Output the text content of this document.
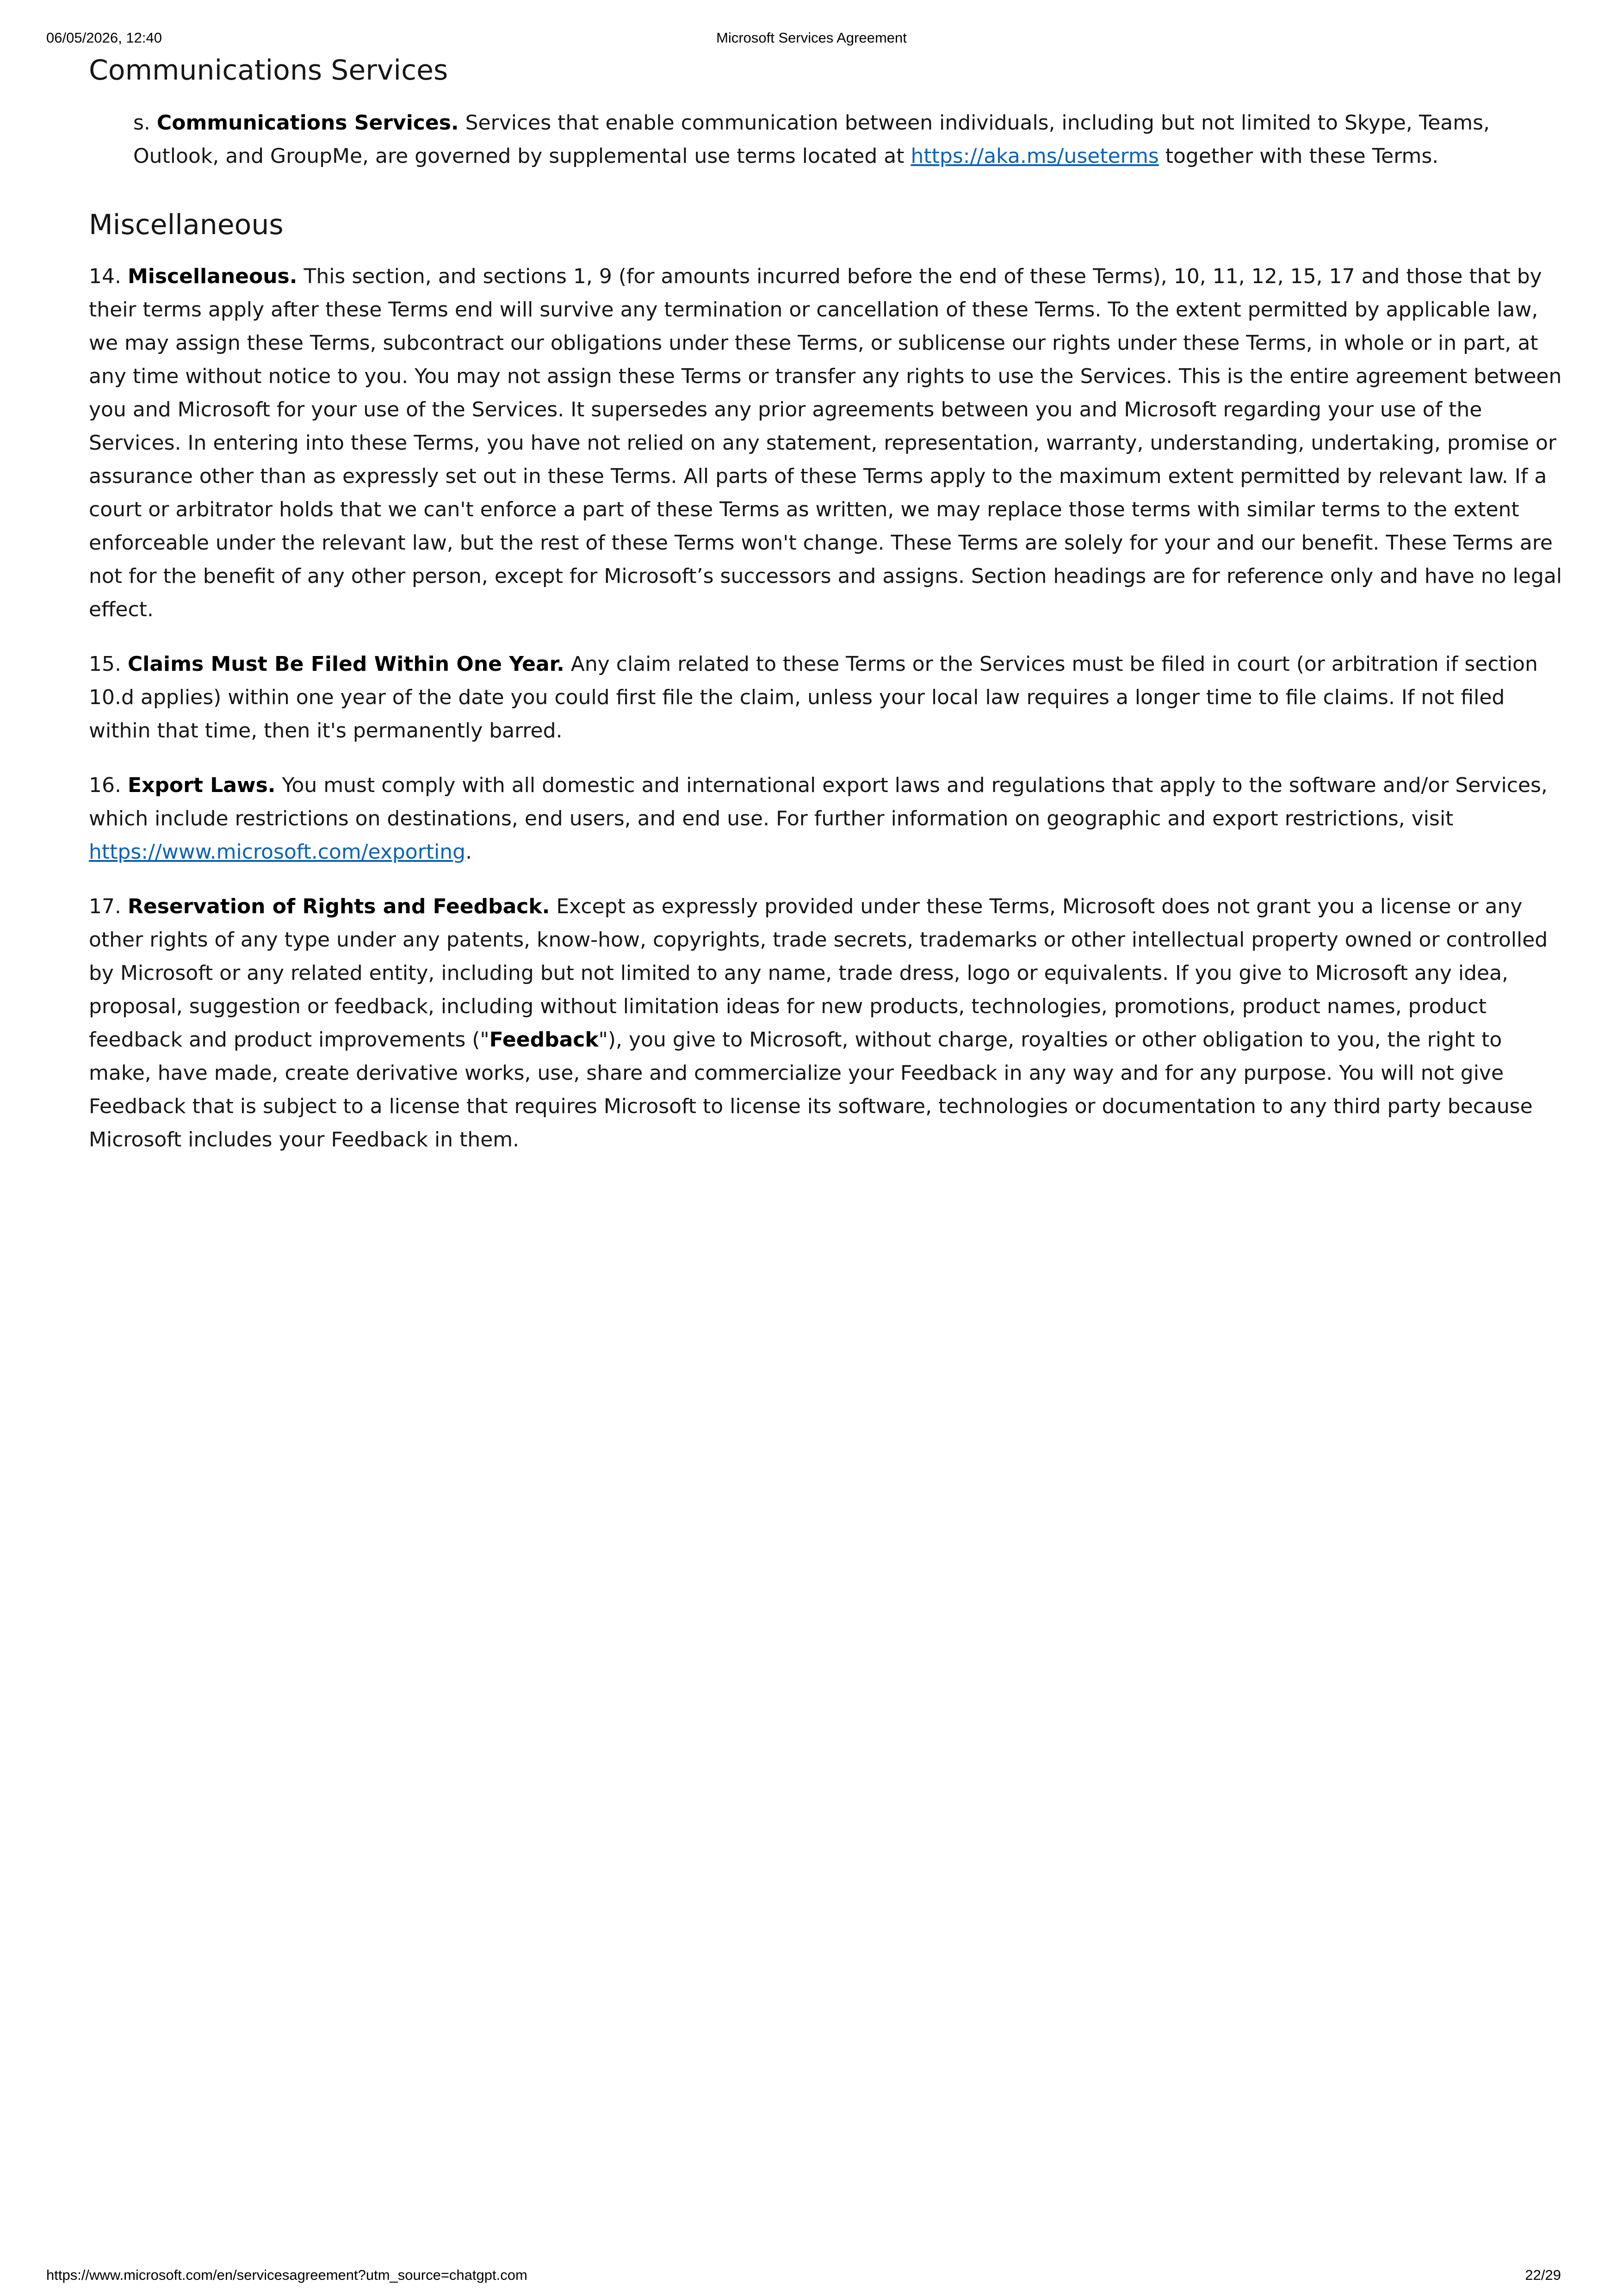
06/05/2026, 12:40	Microsoft Services Agreement
Communications Services

s. Communications Services. Services that enable communication between individuals, including but not limited to Skype, Teams, Outlook, and GroupMe, are governed by supplemental use terms located at https://aka.ms/useterms together with these Terms.

Miscellaneous

14. Miscellaneous. This section, and sections 1, 9 (for amounts incurred before the end of these Terms), 10, 11, 12, 15, 17 and those that by their terms apply after these Terms end will survive any termination or cancellation of these Terms. To the extent permitted by applicable law, we may assign these Terms, subcontract our obligations under these Terms, or sublicense our rights under these Terms, in whole or in part, at any time without notice to you. You may not assign these Terms or transfer any rights to use the Services. This is the entire agreement between you and Microsoft for your use of the Services. It supersedes any prior agreements between you and Microsoft regarding your use of the Services. In entering into these Terms, you have not relied on any statement, representation, warranty, understanding, undertaking, promise or assurance other than as expressly set out in these Terms. All parts of these Terms apply to the maximum extent permitted by relevant law. If a court or arbitrator holds that we can't enforce a part of these Terms as written, we may replace those terms with similar terms to the extent enforceable under the relevant law, but the rest of these Terms won't change. These Terms are solely for your and our benefit. These Terms are not for the benefit of any other person, except for Microsoft’s successors and assigns. Section headings are for reference only and have no legal effect.

15. Claims Must Be Filed Within One Year. Any claim related to these Terms or the Services must be filed in court (or arbitration if section 10.d applies) within one year of the date you could first file the claim, unless your local law requires a longer time to file claims. If not filed within that time, then it's permanently barred.

16. Export Laws. You must comply with all domestic and international export laws and regulations that apply to the software and/or Services, which include restrictions on destinations, end users, and end use. For further information on geographic and export restrictions, visit https://www.microsoft.com/exporting.

17. Reservation of Rights and Feedback. Except as expressly provided under these Terms, Microsoft does not grant you a license or any other rights of any type under any patents, know-how, copyrights, trade secrets, trademarks or other intellectual property owned or controlled by Microsoft or any related entity, including but not limited to any name, trade dress, logo or equivalents. If you give to Microsoft any idea, proposal, suggestion or feedback, including without limitation ideas for new products, technologies, promotions, product names, product feedback and product improvements ("Feedback"), you give to Microsoft, without charge, royalties or other obligation to you, the right to make, have made, create derivative works, use, share and commercialize your Feedback in any way and for any purpose. You will not give Feedback that is subject to a license that requires Microsoft to license its software, technologies or documentation to any third party because Microsoft includes your Feedback in them.

https://www.microsoft.com/en/servicesagreement?utm_source=chatgpt.com	22/29
